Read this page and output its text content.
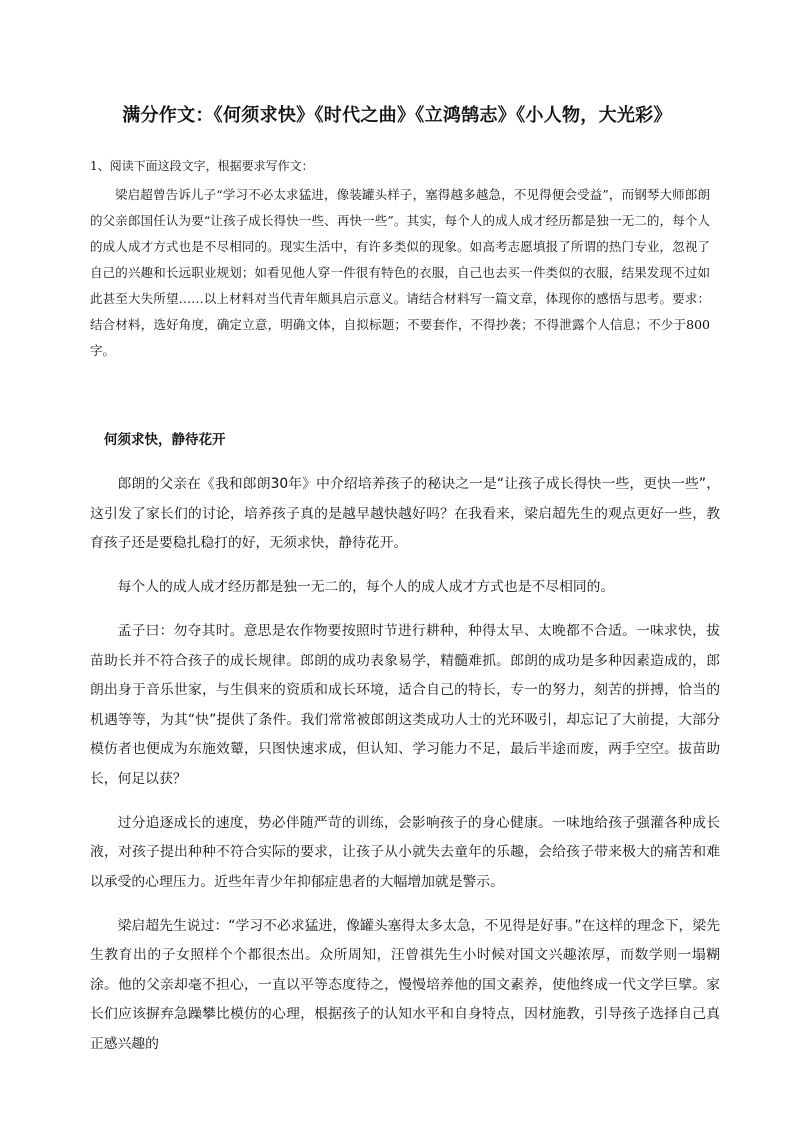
满分作文：《何须求快》《时代之曲》《立鸿鹄志》《小人物，大光彩》
1、阅读下面这段文字，根据要求写作文：
梁启超曾告诉儿子“学习不必太求猛进，像装罐头样子，塞得越多越急，不见得便会受益”，而钢琴大师郎朗的父亲郎国任认为要“让孩子成长得快一些、再快一些”。其实，每个人的成人成才经历都是独一无二的，每个人的成人成才方式也是不尽相同的。现实生活中，有许多类似的现象。如高考志愿填报了所谓的热门专业，忽视了自己的兴趣和长远职业规划；如看见他人穿一件很有特色的衣服，自己也去买一件类似的衣服，结果发现不过如此甚至大失所望……以上材料对当代青年颇具启示意义。请结合材料写一篇文章，体现你的感悟与思考。要求：结合材料，选好角度，确定立意，明确文体，自拟标题；不要套作，不得抄袭；不得泄露个人信息；不少于800字。
何须求快，静待花开

郎朗的父亲在《我和郎朗30年》中介绍培养孩子的秘诀之一是“让孩子成长得快一些，更快一些”，这引发了家长们的讨论，培养孩子真的是越早越快越好吗？在我看来，梁启超先生的观点更好一些，教育孩子还是要稳扎稳打的好，无须求快，静待花开。

每个人的成人成才经历都是独一无二的，每个人的成人成才方式也是不尽相同的。

孟子曰：勿夺其时。意思是农作物要按照时节进行耕种，种得太早、太晚都不合适。一味求快，拔苗助长并不符合孩子的成长规律。郎朗的成功表象易学，精髓难抓。郎朗的成功是多种因素造成的，郎朗出身于音乐世家，与生俱来的资质和成长环境，适合自己的特长，专一的努力，刻苦的拼搏，恰当的机遇等等，为其“快”提供了条件。我们常常被郎朗这类成功人士的光环吸引，却忘记了大前提，大部分模仿者也便成为东施效颦，只图快速求成，但认知、学习能力不足，最后半途而废，两手空空。拔苗助长，何足以获？

过分追逐成长的速度，势必伴随严苛的训练，会影响孩子的身心健康。一味地给孩子强灌各种成长液，对孩子提出种种不符合实际的要求，让孩子从小就失去童年的乐趣，会给孩子带来极大的痛苦和难以承受的心理压力。近些年青少年抑郁症患者的大幅增加就是警示。

梁启超先生说过：“学习不必求猛进，像罐头塞得太多太急，不见得是好事。”在这样的理念下，梁先生教育出的子女照样个个都很杰出。众所周知，汪曾祺先生小时候对国文兴趣浓厚，而数学则一塌糊涂。他的父亲却毫不担心，一直以平等态度待之，慢慢培养他的国文素养，使他终成一代文学巨擘。家长们应该摒弃急躁攀比模仿的心理，根据孩子的认知水平和自身特点，因材施教，引导孩子选择自己真正感兴趣的
